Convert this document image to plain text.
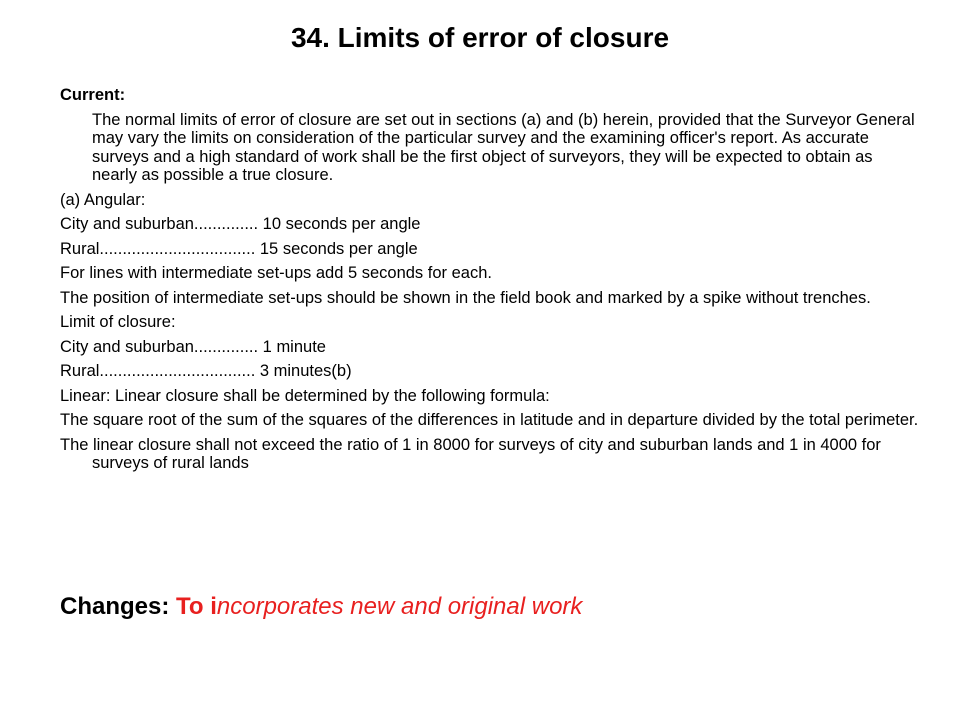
34. Limits of error of closure
Current:
The normal limits of error of closure are set out in sections (a) and (b) herein, provided that the Surveyor General may vary the limits on consideration of the particular survey and the examining officer's report. As accurate surveys and a high standard of work shall be the first object of surveyors, they will be expected to obtain as nearly as possible a true closure.
(a) Angular:
City and suburban.............. 10 seconds per angle
Rural.................................. 15 seconds per angle
For lines with intermediate set-ups add 5 seconds for each.
The position of intermediate set-ups should be shown in the field book and marked by a spike without trenches.
Limit of closure:
City and suburban.............. 1 minute
Rural.................................. 3 minutes(b)
Linear: Linear closure shall be determined by the following formula:
The square root of the sum of the squares of the differences in latitude and in departure divided by the total perimeter.
The linear closure shall not exceed the ratio of 1 in 8000 for surveys of city and suburban lands and 1 in 4000 for surveys of rural lands
Changes: To incorporates new and original work
